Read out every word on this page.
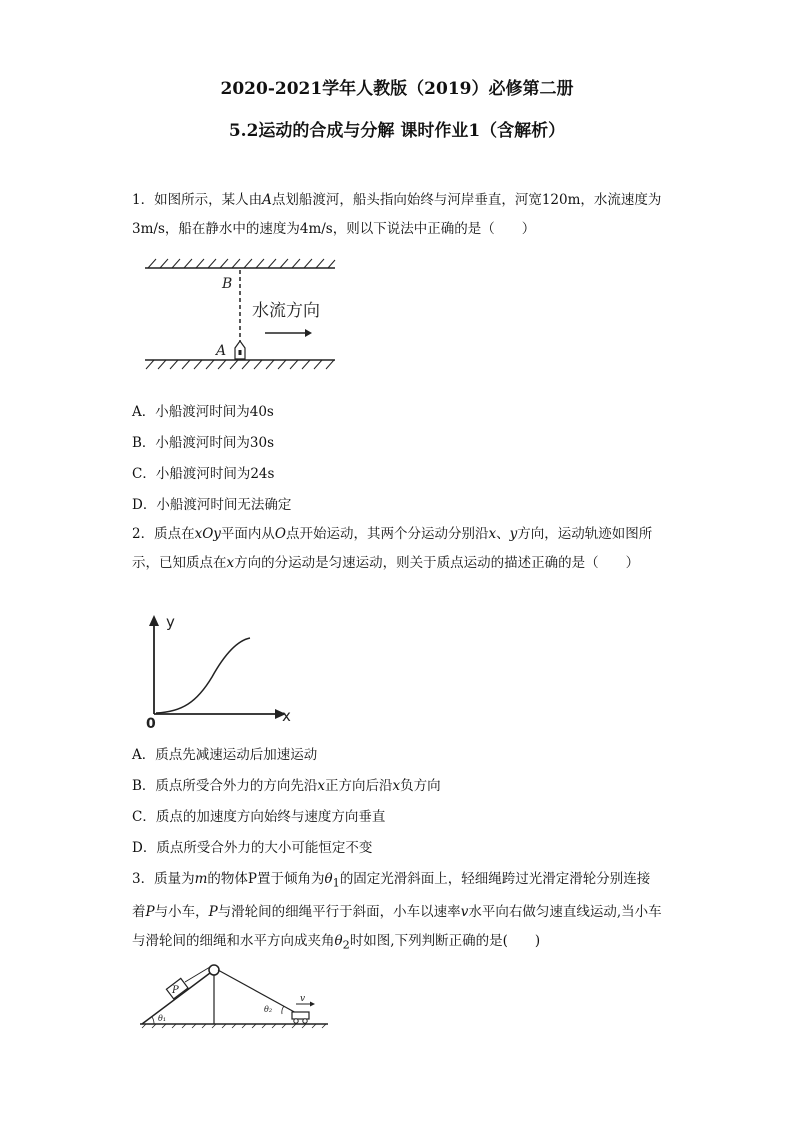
2020-2021学年人教版（2019）必修第二册
5.2运动的合成与分解 课时作业1（含解析）

1．如图所示，某人由A点划船渡河，船头指向始终与河岸垂直，河宽120m，水流速度为3m/s，船在静水中的速度为4m/s，则以下说法中正确的是（　　）

B
A
水流方向

A．小船渡河时间为40s

B．小船渡河时间为30s

C．小船渡河时间为24s

D．小船渡河时间无法确定

2．质点在xOy平面内从O点开始运动，其两个分运动分别沿x、y方向，运动轨迹如图所示，已知质点在x方向的分运动是匀速运动，则关于质点运动的描述正确的是（　　）

y
x
0

A．质点先减速运动后加速运动

B．质点所受合外力的方向先沿x正方向后沿x负方向

C．质点的加速度方向始终与速度方向垂直

D．质点所受合外力的大小可能恒定不变

3．质量为m的物体P置于倾角为$\theta_1$的固定光滑斜面上，轻细绳跨过光滑定滑轮分别连接着P与小车，P与滑轮间的细绳平行于斜面，小车以速率v水平向右做匀速直线运动,当小车与滑轮间的细绳和水平方向成夹角$\theta_2$时如图,下列判断正确的是(　　)

P
v
θ₂
θ₁
